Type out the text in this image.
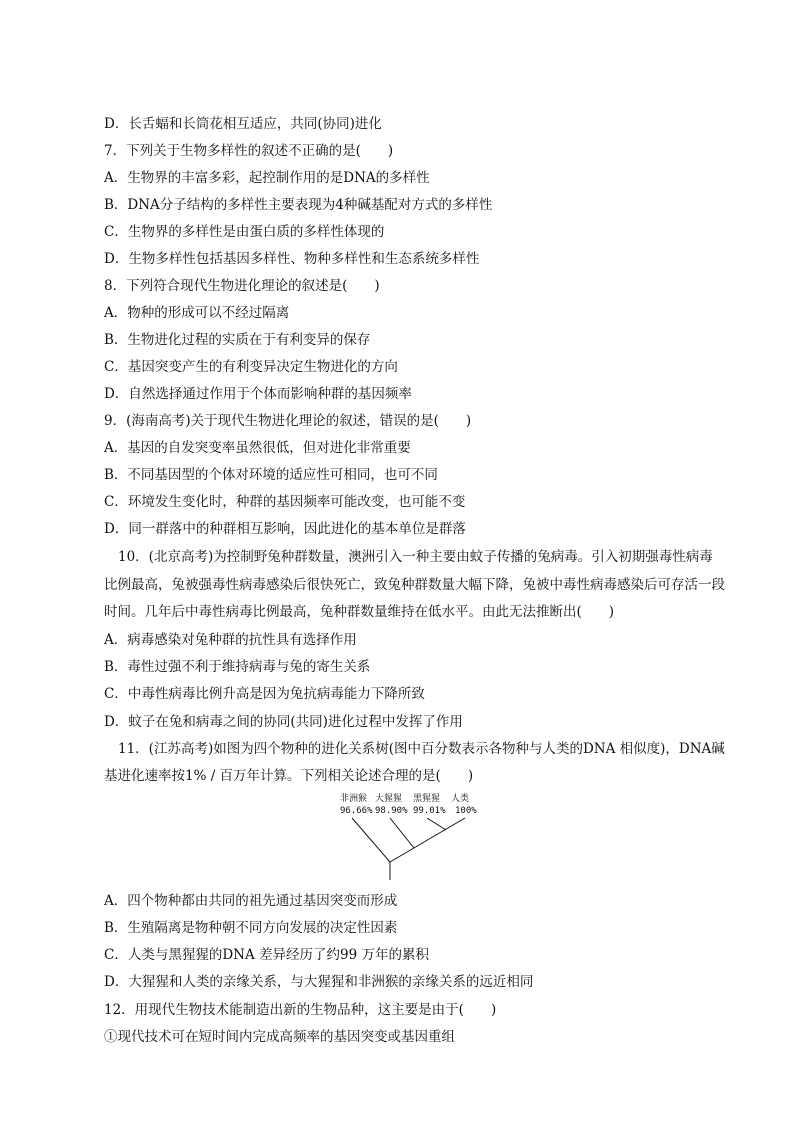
D．长舌蝠和长筒花相互适应，共同(协同)进化
7．下列关于生物多样性的叙述不正确的是(　　)
A．生物界的丰富多彩，起控制作用的是DNA的多样性
B．DNA分子结构的多样性主要表现为4种碱基配对方式的多样性
C．生物界的多样性是由蛋白质的多样性体现的
D．生物多样性包括基因多样性、物种多样性和生态系统多样性
8．下列符合现代生物进化理论的叙述是(　　)
A．物种的形成可以不经过隔离
B．生物进化过程的实质在于有利变异的保存
C．基因突变产生的有利变异决定生物进化的方向
D．自然选择通过作用于个体而影响种群的基因频率
9．(海南高考)关于现代生物进化理论的叙述，错误的是(　　)
A．基因的自发突变率虽然很低，但对进化非常重要
B．不同基因型的个体对环境的适应性可相同，也可不同
C．环境发生变化时，种群的基因频率可能改变，也可能不变
D．同一群落中的种群相互影响，因此进化的基本单位是群落
10．(北京高考)为控制野兔种群数量，澳洲引入一种主要由蚊子传播的兔病毒。引入初期强毒性病毒
比例最高，兔被强毒性病毒感染后很快死亡，致兔种群数量大幅下降，兔被中毒性病毒感染后可存活一段
时间。几年后中毒性病毒比例最高，兔种群数量维持在低水平。由此无法推断出(　　)
A．病毒感染对兔种群的抗性具有选择作用
B．毒性过强不利于维持病毒与兔的寄生关系
C．中毒性病毒比例升高是因为兔抗病毒能力下降所致
D．蚊子在兔和病毒之间的协同(共同)进化过程中发挥了作用
11．(江苏高考)如图为四个物种的进化关系树(图中百分数表示各物种与人类的DNA 相似度)，DNA碱
基进化速率按1% / 百万年计算。下列相关论述合理的是(　　)
非洲猴 大猩猩 黑猩猩 人类
96.66% 98.90% 99.01% 100%
A．四个物种都由共同的祖先通过基因突变而形成
B．生殖隔离是物种朝不同方向发展的决定性因素
C．人类与黑猩猩的DNA 差异经历了约99 万年的累积
D．大猩猩和人类的亲缘关系，与大猩猩和非洲猴的亲缘关系的远近相同
12．用现代生物技术能制造出新的生物品种，这主要是由于(　　)
①现代技术可在短时间内完成高频率的基因突变或基因重组
